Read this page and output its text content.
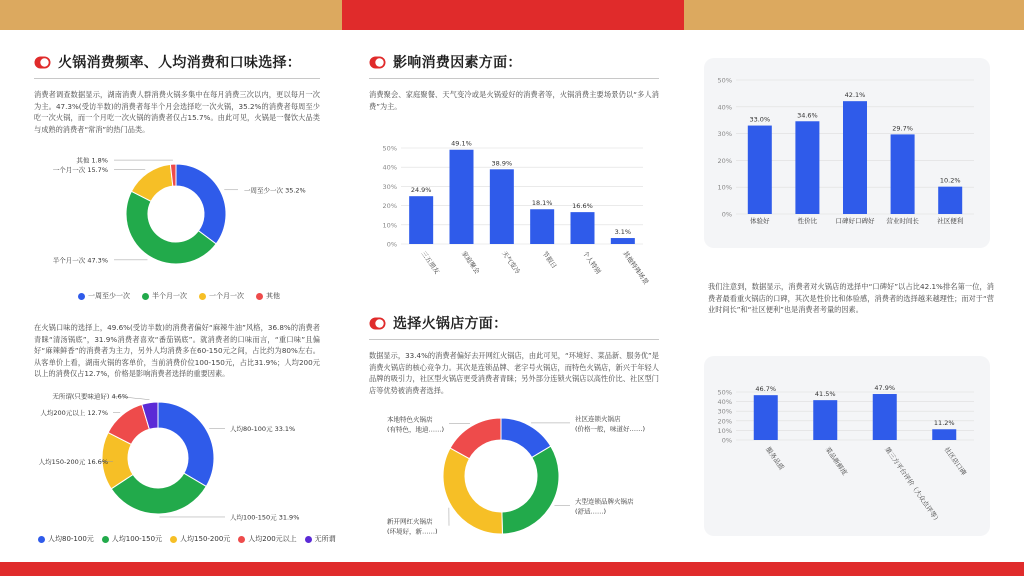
火锅消费频率、人均消费和口味选择：

消费者调查数据显示，湖南消费人群消费火锅多集中在每月消费三次以内，更以每月一次为主。47.3%(受访半数)的消费者每半个月会选择吃一次火锅，35.2%的消费者每周至少吃一次火锅，而一个月吃一次火锅的消费者仅占15.7%。由此可见，火锅是一餐饮大品类与成熟的消费者“常消”的热门品类。

一周至少一次 35.2%
半个月一次 47.3%
一个月一次 15.7%
其他 1.8%
一周至少一次	半个月一次	一个月一次	其他

在火锅口味的选择上，49.6%(受访半数)的消费者偏好“麻辣牛油”风格，36.8%的消费者青睐“清汤锅底”，31.9%消费者喜欢“番茄锅底”。就消费者的口味而言，“重口味”且偏好“麻辣鲜香”的消费者为主力，另外人均消费多在60-150元之间，占比约为80%左右。从客单价上看，湖南火锅的客单价，当前消费价位100-150元，占比31.9%；人均200元以上的消费仅占12.7%，价格是影响消费者选择的重要因素。

人均80-100元 33.1%
人均100-150元 31.9%
人均150-200元 16.6%
人均200元以上 12.7%
无所谓(只要味道好) 4.6%
人均80-100元	人均100-150元	人均150-200元	人均200元以上	无所谓
影响消费因素方面：

消费聚会、家庭聚餐、天气变冷或是火锅爱好的消费者等，火锅消费主要场景仍以“多人消费”为主。

0%
10%
20%
30%
40%
50%
24.9%
三五朋友
49.1%
家庭聚会
38.9%
天气变冷
18.1%
节假日
16.6%
个人特别
3.1%
其他特殊场景
选择火锅店方面：

数据显示，33.4%的消费者偏好去开网红火锅店，由此可见，“环境好、菜品新、服务优”是消费火锅店的核心竞争力。其次是连锁品牌、老字号火锅店，而特色火锅店，新兴于年轻人品牌的吸引力，社区型火锅店更受消费者青睐；另外部分连锁火锅店以高性价比、社区型门店等优势被消费者选择。

社区连锁火锅店
(价格一般，味道好……)
大型连锁品牌火锅店
(舒适……)
新开网红火锅店
(环境好，新……)
本地特色火锅店
(有特色，地道……)
0%
10%
20%
30%
40%
50%
33.0%
体验好
34.6%
性价比
42.1%
口碑好口碑好
29.7%
营业时间长
10.2%
社区便利

我们注意到，数据显示，消费者对火锅店的选择中“口碑好”以占比42.1%排名第一位，消费者最看重火锅店的口碑，其次是性价比和体验感，消费者的选择越来越理性；而对于“营业时间长”和“社区便利”也是消费者考量的因素。

0%
10%
20%
30%
40%
50%	46.7%
服务品质
41.5%
菜品新鲜度
47.9%
第三方平台评价（大众点评等）
11.2%
社区店口碑
